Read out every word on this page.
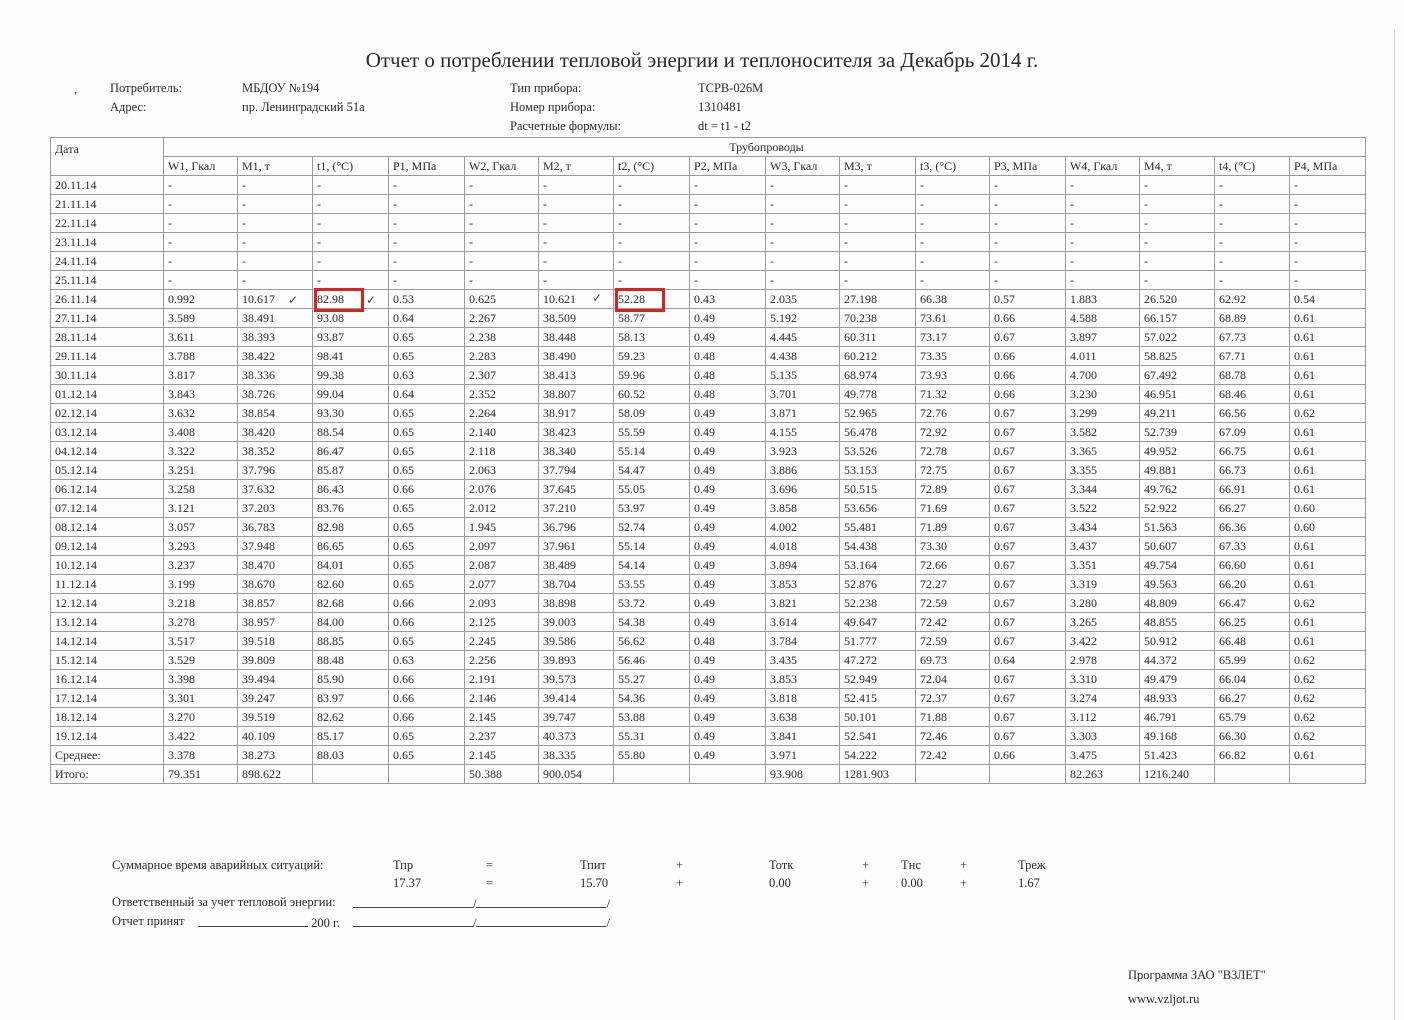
,
Отчет о потреблении тепловой энергии и теплоносителя за Декабрь 2014 г.
Потребитель:	МБДОУ №194
Адрес:	пр. Ленинградский 51а
Тип прибора:	ТСРВ-026М
Номер прибора:	1310481
Расчетные формулы:	dt = t1 - t2
Дата	Трубопроводы															
	W1, Гкал	M1, т	t1, (°C)	P1, МПа	W2, Гкал	M2, т	t2, (°C)	P2, МПа	W3, Гкал	M3, т	t3, (°C)	P3, МПа	W4, Гкал	M4, т	t4, (°C)	P4, МПа
20.11.14	-	-	-	-	-	-	-	-	-	-	-	-	-	-	-	-
21.11.14	-	-	-	-	-	-	-	-	-	-	-	-	-	-	-	-
22.11.14	-	-	-	-	-	-	-	-	-	-	-	-	-	-	-	-
23.11.14	-	-	-	-	-	-	-	-	-	-	-	-	-	-	-	-
24.11.14	-	-	-	-	-	-	-	-	-	-	-	-	-	-	-	-
25.11.14	-	-	-	-	-	-	-	-	-	-	-	-	-	-	-	-
26.11.14	0.992	10.617	82.98	0.53	0.625	10.621	52.28	0.43	2.035	27.198	66.38	0.57	1.883	26.520	62.92	0.54
27.11.14	3.589	38.491	93.08	0.64	2.267	38.509	58.77	0.49	5.192	70.238	73.61	0.66	4.588	66.157	68.89	0.61
28.11.14	3.611	38.393	93.87	0.65	2.238	38.448	58.13	0.49	4.445	60.311	73.17	0.67	3.897	57.022	67.73	0.61
29.11.14	3.788	38.422	98.41	0.65	2.283	38.490	59.23	0.48	4.438	60.212	73.35	0.66	4.011	58.825	67.71	0.61
30.11.14	3.817	38.336	99.38	0.63	2.307	38.413	59.96	0.48	5.135	68.974	73.93	0.66	4.700	67.492	68.78	0.61
01.12.14	3.843	38.726	99.04	0.64	2.352	38.807	60.52	0.48	3.701	49.778	71.32	0.66	3.230	46.951	68.46	0.61
02.12.14	3.632	38.854	93.30	0.65	2.264	38.917	58.09	0.49	3.871	52.965	72.76	0.67	3.299	49.211	66.56	0.62
03.12.14	3.408	38.420	88.54	0.65	2.140	38.423	55.59	0.49	4.155	56.478	72.92	0.67	3.582	52.739	67.09	0.61
04.12.14	3.322	38.352	86.47	0.65	2.118	38.340	55.14	0.49	3.923	53.526	72.78	0.67	3.365	49.952	66.75	0.61
05.12.14	3.251	37.796	85.87	0.65	2.063	37.794	54.47	0.49	3.886	53.153	72.75	0.67	3.355	49.881	66.73	0.61
06.12.14	3.258	37.632	86.43	0.66	2.076	37.645	55.05	0.49	3.696	50.515	72.89	0.67	3.344	49.762	66.91	0.61
07.12.14	3.121	37.203	83.76	0.65	2.012	37.210	53.97	0.49	3.858	53.656	71.69	0.67	3.522	52.922	66.27	0.60
08.12.14	3.057	36.783	82.98	0.65	1.945	36.796	52.74	0.49	4.002	55.481	71.89	0.67	3.434	51.563	66.36	0.60
09.12.14	3.293	37.948	86.65	0.65	2.097	37.961	55.14	0.49	4.018	54.438	73.30	0.67	3.437	50.607	67.33	0.61
10.12.14	3.237	38.470	84.01	0.65	2.087	38.489	54.14	0.49	3.894	53.164	72.66	0.67	3.351	49.754	66.60	0.61
11.12.14	3.199	38.670	82.60	0.65	2.077	38.704	53.55	0.49	3.853	52.876	72.27	0.67	3.319	49.563	66.20	0.61
12.12.14	3.218	38.857	82.68	0.66	2.093	38.898	53.72	0.49	3.821	52.238	72.59	0.67	3.280	48.809	66.47	0.62
13.12.14	3.278	38.957	84.00	0.66	2.125	39.003	54.38	0.49	3.614	49.647	72.42	0.67	3.265	48.855	66.25	0.61
14.12.14	3.517	39.518	88.85	0.65	2.245	39.586	56.62	0.48	3.784	51.777	72.59	0.67	3.422	50.912	66.48	0.61
15.12.14	3.529	39.809	88.48	0.63	2.256	39.893	56.46	0.49	3.435	47.272	69.73	0.64	2.978	44.372	65.99	0.62
16.12.14	3.398	39.494	85.90	0.66	2.191	39.573	55.27	0.49	3.853	52.949	72.04	0.67	3.310	49.479	66.04	0.62
17.12.14	3.301	39.247	83.97	0.66	2.146	39.414	54.36	0.49	3.818	52.415	72.37	0.67	3.274	48.933	66.27	0.62
18.12.14	3.270	39.519	82.62	0.66	2.145	39.747	53.88	0.49	3.638	50.101	71.88	0.67	3.112	46.791	65.79	0.62
19.12.14	3.422	40.109	85.17	0.65	2.237	40.373	55.31	0.49	3.841	52.541	72.46	0.67	3.303	49.168	66.30	0.62
Среднее:	3.378	38.273	88.03	0.65	2.145	38.335	55.80	0.49	3.971	54.222	72.42	0.66	3.475	51.423	66.82	0.61
Итого:	79.351	898.622			50.388	900.054			93.908	1281.903			82.263	1216.240		
✓	✓	✓
Суммарное время аварийных ситуаций:	Тпр	=	Тпит	+	Тотк	+	Тнс	+	Треж
17.37	=	15.70	+	0.00	+	0.00	+	1.67
Ответственный за учет тепловой энергии:	/	/
Отчет принят	200 г.	/	/
Программа ЗАО "ВЗЛЕТ"
www.vzljot.ru
